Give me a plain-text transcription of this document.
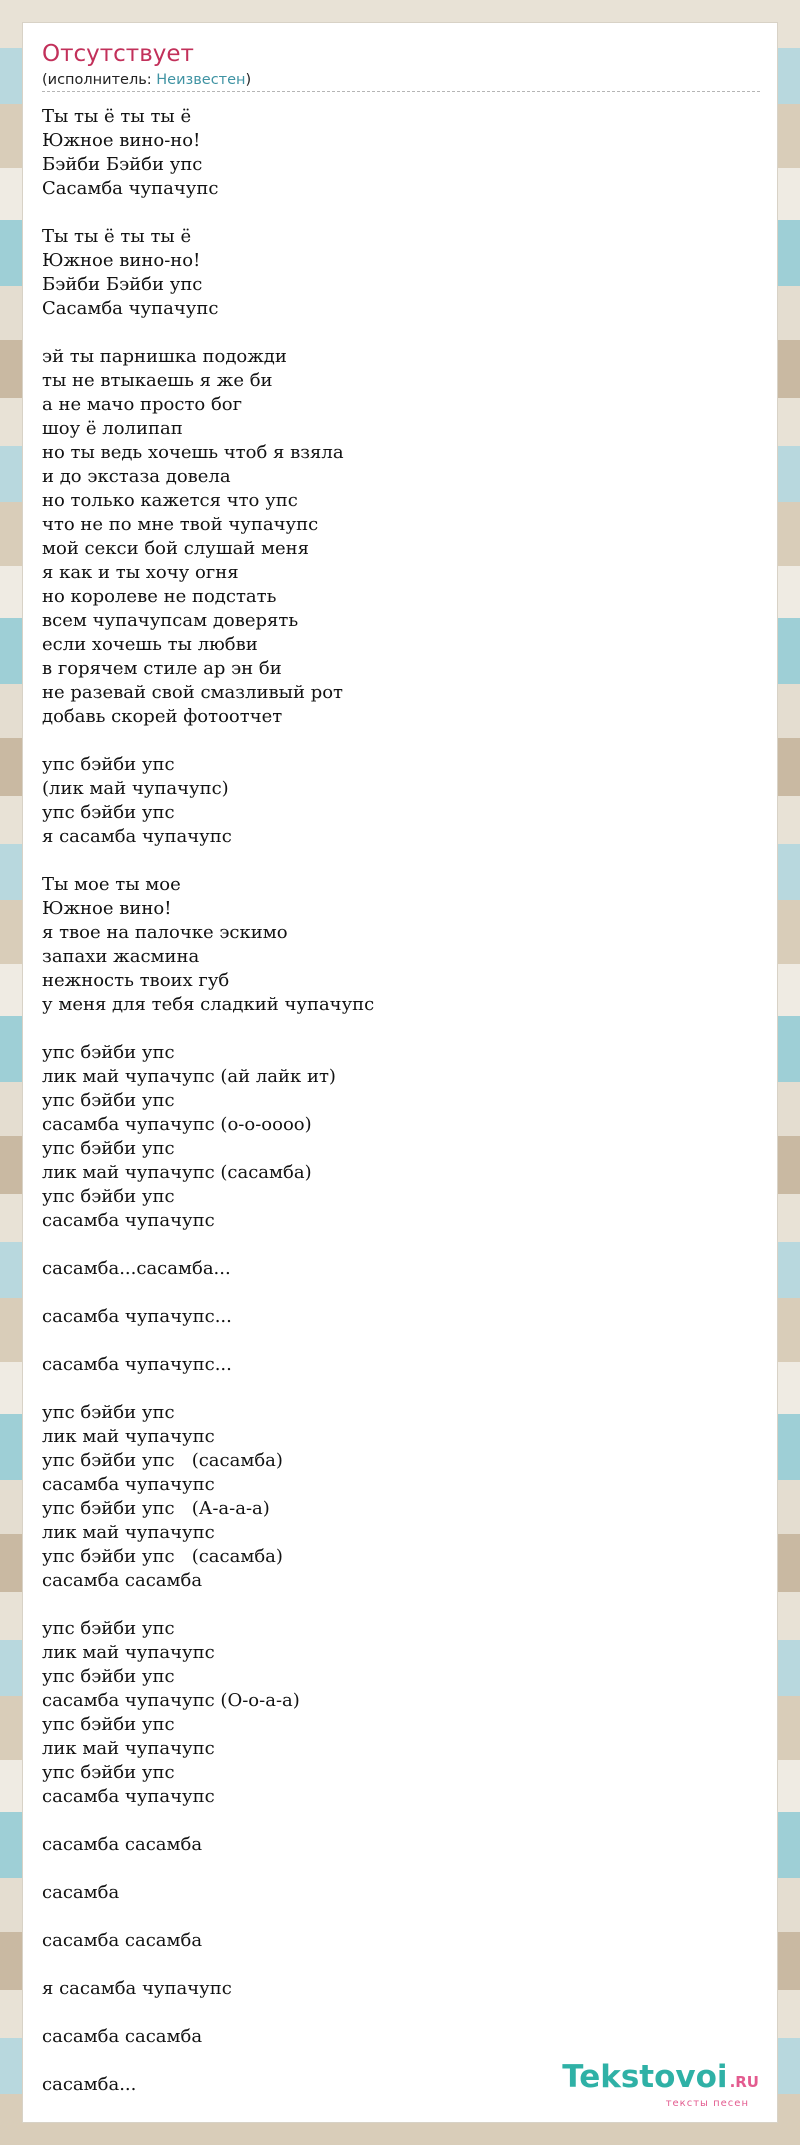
Отсутствует
(исполнитель: Неизвестен)
Ты ты ё ты ты ё
Южное вино-но!
Бэйби Бэйби упс
Сасамба чупачупс

Ты ты ё ты ты ё
Южное вино-но!
Бэйби Бэйби упс
Сасамба чупачупс

эй ты парнишка подожди
ты не втыкаешь я же би
а не мачо просто бог
шоу ё лолипап
но ты ведь хочешь чтоб я взяла
и до экстаза довела
но только кажется что упс
что не по мне твой чупачупс
мой секси бой слушай меня
я как и ты хочу огня
но королеве не подстать
всем чупачупсам доверять
если хочешь ты любви
в горячем стиле ар эн би
не разевай свой смазливый рот
добавь скорей фотоотчет

упс бэйби упс
(лик май чупачупс)
упс бэйби упс
я сасамба чупачупс

Ты мое ты мое
Южное вино!
я твое на палочке эскимо
запахи жасмина
нежность твоих губ
у меня для тебя сладкий чупачупс

упс бэйби упс
лик май чупачупс (ай лайк ит)
упс бэйби упс
сасамба чупачупс (о-о-оооо)
упс бэйби упс
лик май чупачупс (сасамба)
упс бэйби упс
сасамба чупачупс

сасамба...сасамба...

сасамба чупачупс...

сасамба чупачупс...

упс бэйби упс
лик май чупачупс
упс бэйби упс   (сасамба)
сасамба чупачупс
упс бэйби упс   (А-а-а-а)
лик май чупачупс
упс бэйби упс   (сасамба)
сасамба сасамба

упс бэйби упс
лик май чупачупс
упс бэйби упс
сасамба чупачупс (О-о-а-а)
упс бэйби упс
лик май чупачупс
упс бэйби упс
сасамба чупачупс

сасамба сасамба

сасамба

сасамба сасамба

я сасамба чупачупс

сасамба сасамба

сасамба...	Tekstovoi .RU
тексты песен
